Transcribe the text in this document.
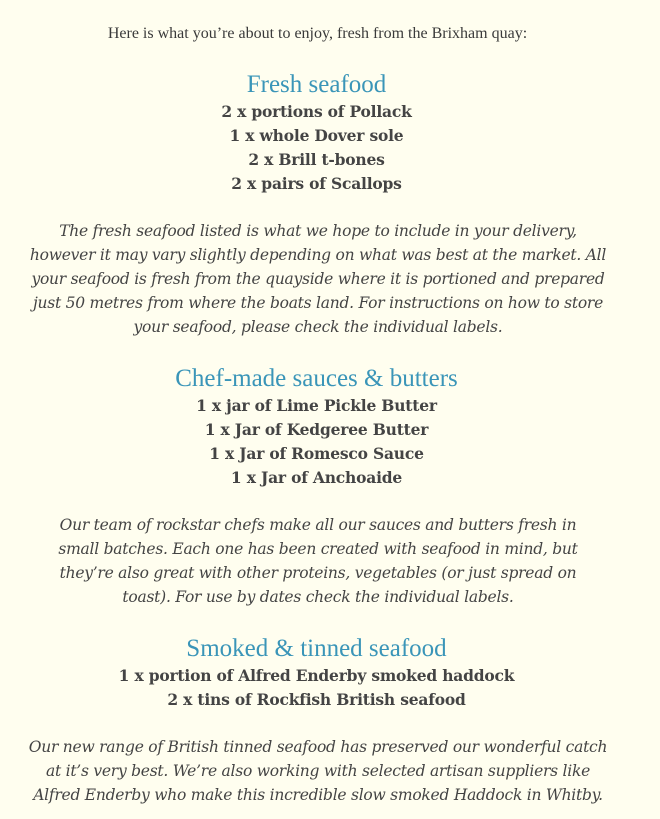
Here is what you’re about to enjoy, fresh from the Brixham quay:

Fresh seafood
2 x portions of Pollack
1 x whole Dover sole
2 x Brill t-bones
2 x pairs of Scallops

The fresh seafood listed is what we hope to include in your delivery, however it may vary slightly depending on what was best at the market. All your seafood is fresh from the quayside where it is portioned and prepared just 50 metres from where the boats land. For instructions on how to store your seafood, please check the individual labels.

Chef-made sauces & butters
1 x jar of Lime Pickle Butter
1 x Jar of Kedgeree Butter
1 x Jar of Romesco Sauce
1 x Jar of Anchoaide

Our team of rockstar chefs make all our sauces and butters fresh in small batches. Each one has been created with seafood in mind, but they’re also great with other proteins, vegetables (or just spread on toast). For use by dates check the individual labels.

Smoked & tinned seafood
1 x portion of Alfred Enderby smoked haddock
2 x tins of Rockfish British seafood

Our new range of British tinned seafood has preserved our wonderful catch at it’s very best. We’re also working with selected artisan suppliers like Alfred Enderby who make this incredible slow smoked Haddock in Whitby.
